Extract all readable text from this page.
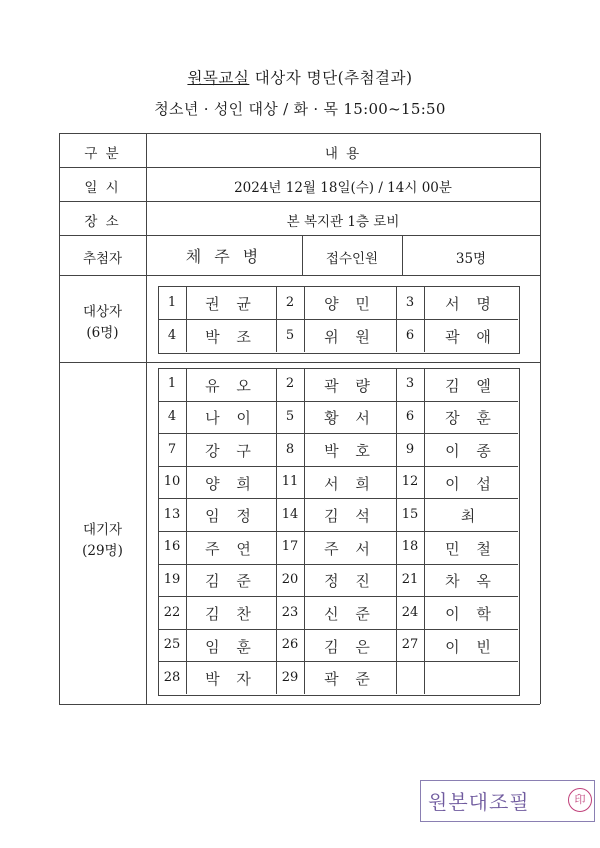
원목교실 대상자 명단(추첨결과)
청소년 · 성인 대상 / 화 · 목 15:00~15:50
구 분	내 용
일 시	2024년 12월 18일(수) / 14시 00분
장 소	본 복지관 1층 로비
추첨자	체 주 병	접수인원	35명
대상자
(6명)
1	권 균	2	양 민	3	서 명
4	박 조	5	위 원	6	곽 애
대기자
(29명)
1	유 오	2	곽 량	3	김 엘
4	나 이	5	황 서	6	장 훈
7	강 구	8	박 호	9	이 종
10	양 희	11	서 희	12	이 섭
13	임 정	14	김 석	15	최
16	주 연	17	주 서	18	민 철
19	김 준	20	정 진	21	차 옥
22	김 찬	23	신 준	24	이 학
25	임 훈	26	김 은	27	이 빈
28	박 자	29	곽 준
원본대조필	印
